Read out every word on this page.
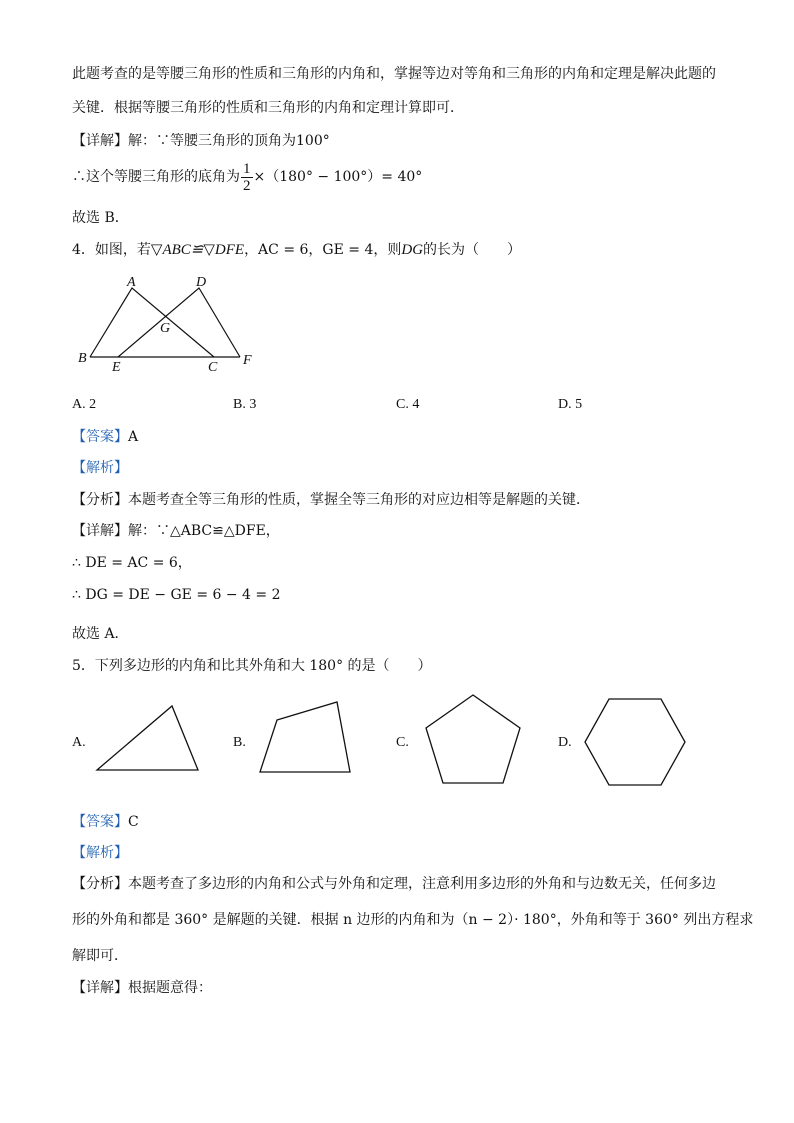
此题考查的是等腰三角形的性质和三角形的内角和，掌握等边对等角和三角形的内角和定理是解决此题的
关键．根据等腰三角形的性质和三角形的内角和定理计算即可．
【详解】解：∵等腰三角形的顶角为100°
∴这个等腰三角形的底角为 $\frac{1}{2} \times(180^\circ - 100^\circ)= 40^\circ$
故选 B．
4．如图，若▽ABC≌▽DFE，AC = 6，GE = 4，则DG的长为（　　）
A	D
G
B
E	C F
A. 2	B. 3	C. 4	D. 5
【答案】A
【解析】
【分析】本题考查全等三角形的性质，掌握全等三角形的对应边相等是解题的关键．
【详解】解：∵△ABC≌△DFE，
∴ DE = AC = 6，
∴ DG = DE − GE = 6 − 4 = 2
故选 A．
5．下列多边形的内角和比其外角和大 180° 的是（　　）
A.	B.	C.	D.
【答案】C
【解析】
【分析】本题考查了多边形的内角和公式与外角和定理，注意利用多边形的外角和与边数无关，任何多边
形的外角和都是 360° 是解题的关键．根据 n 边形的内角和为（n − 2）· 180°，外角和等于 360° 列出方程求
解即可．
【详解】根据题意得：
